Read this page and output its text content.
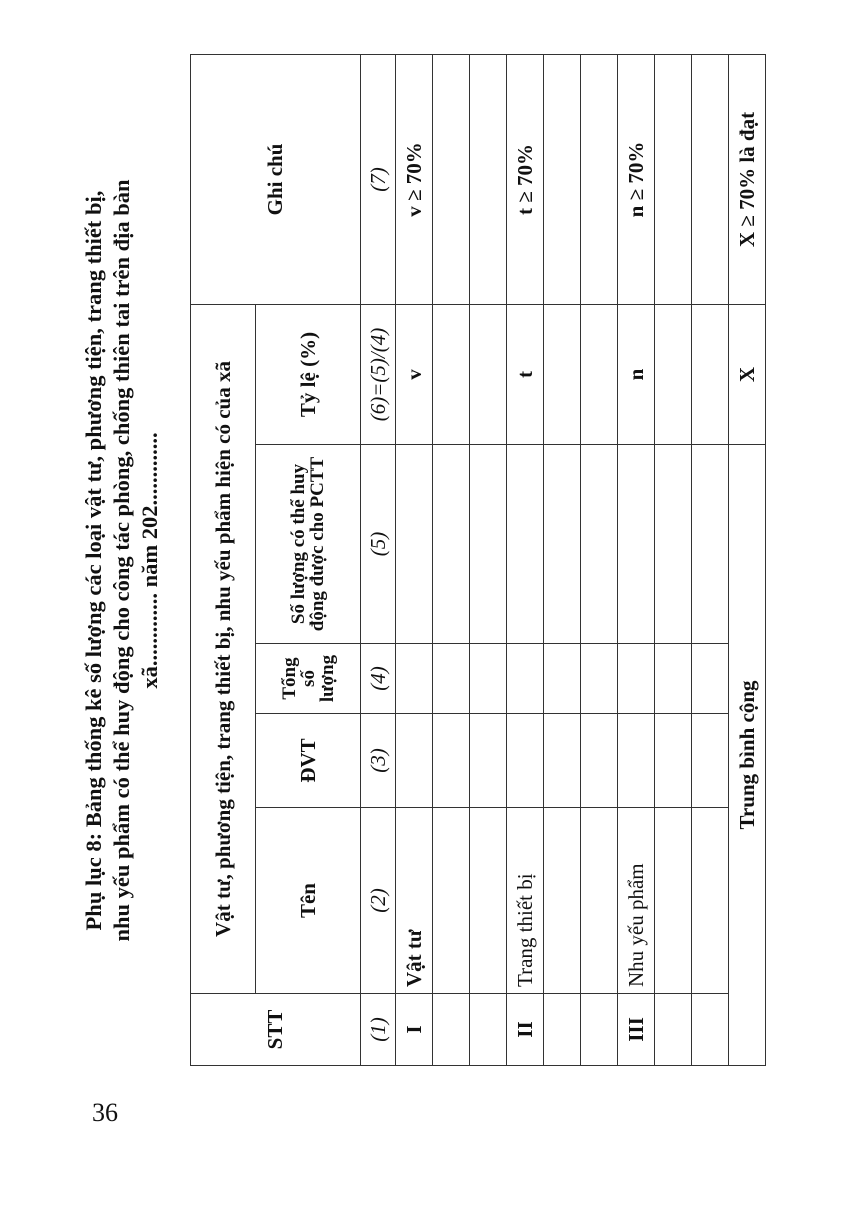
36

Phụ lục 8: Bảng thống kê số lượng các loại vật tư, phương tiện, trang thiết bị, nhu yếu phẩm có thể huy động cho công tác phòng, chống thiên tai trên địa bàn xã............. năm 202.............

STT	Vật tư, phương tiện, trang thiết bị, nhu yếu phẩm hiện có của xã					Ghi chú
	Tên	ĐVT	Tổng số lượng	Số lượng có thể huy động được cho PCTT	Tỷ lệ (%)	
(1)	(2)	(3)	(4)	(5)	(6)=(5)/(4)	(7)
I	Vật tư				v	v ≥ 70%

II	Trang thiết bị				t	t ≥ 70%

III	Nhu yếu phẩm				n	n ≥ 70%

Trung bình cộng					X	X ≥ 70% là đạt
